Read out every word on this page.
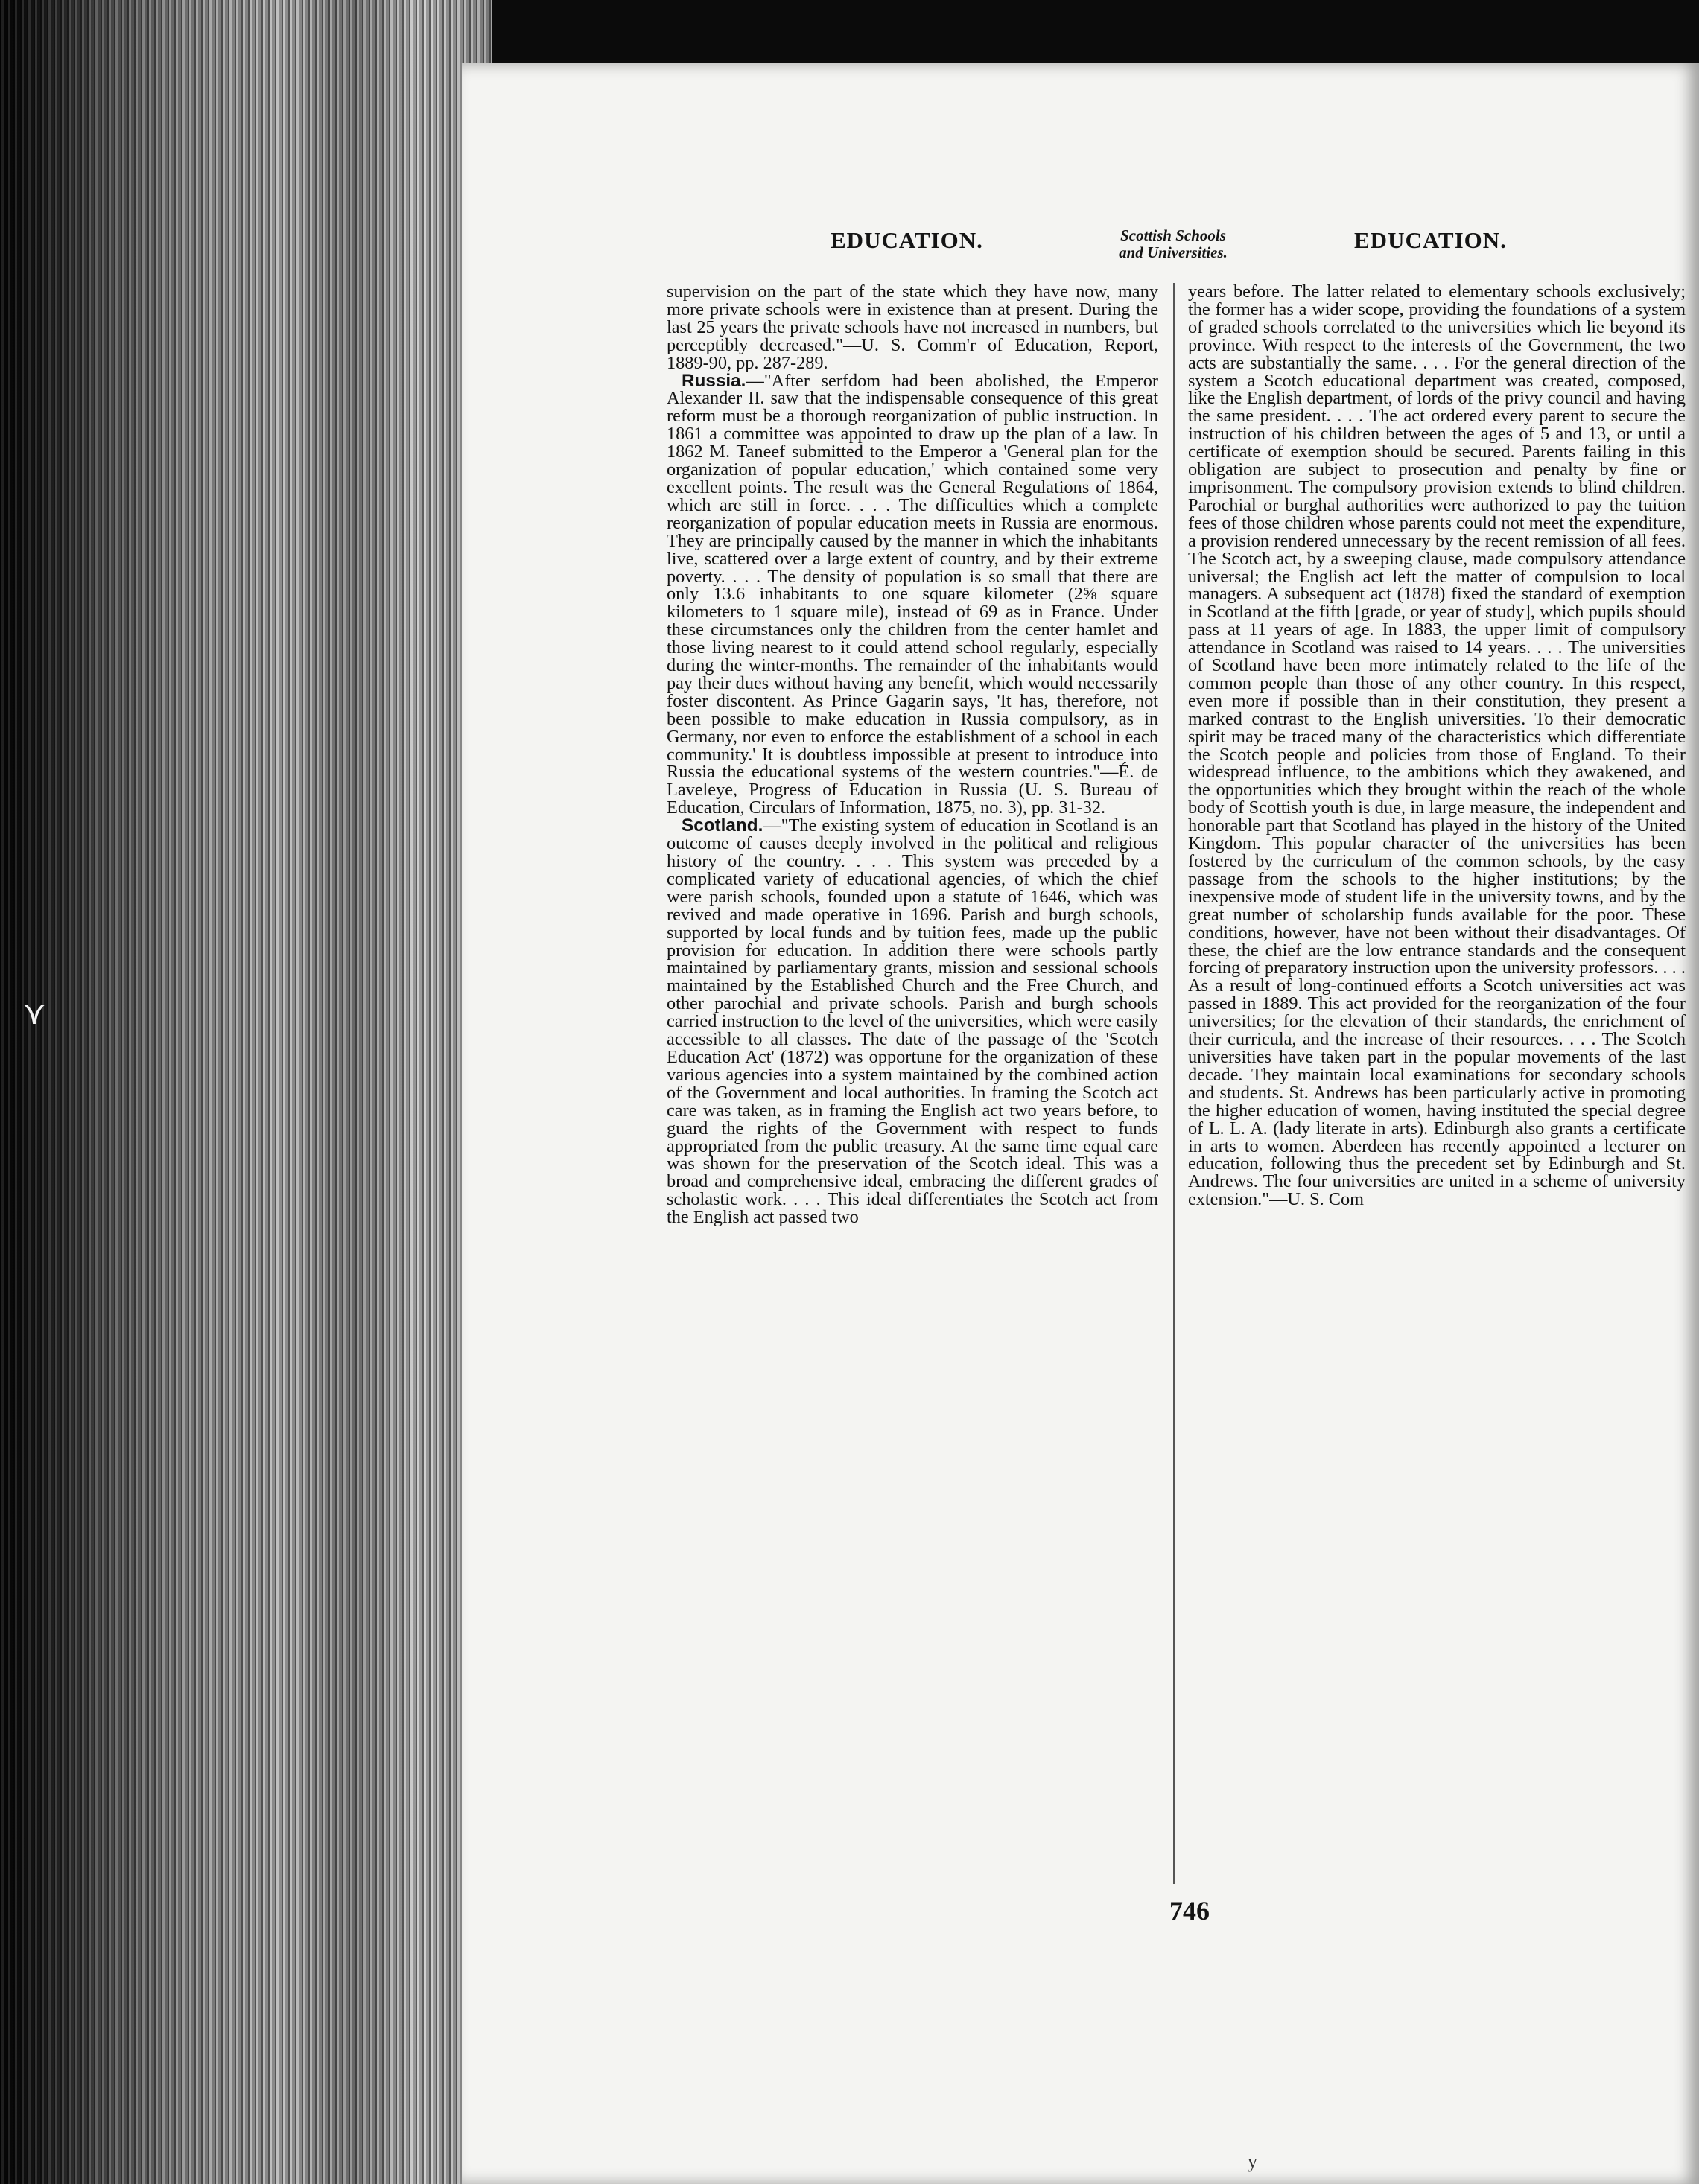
⋎
EDUCATION.	Scottish Schools
and Universities.	EDUCATION.

supervision on the part of the state which they have now, many more private schools were in existence than at present. During the last 25 years the private schools have not increased in numbers, but perceptibly decreased."—U. S. Comm'r of Education, Report, 1889-90, pp. 287-289.

Russia.—"After serfdom had been abolished, the Emperor Alexander II. saw that the indispensable consequence of this great reform must be a thorough reorganization of public instruction. In 1861 a committee was appointed to draw up the plan of a law. In 1862 M. Taneef submitted to the Emperor a 'General plan for the organization of popular education,' which contained some very excellent points. The result was the General Regulations of 1864, which are still in force. . . . The difficulties which a complete reorganization of popular education meets in Russia are enormous. They are principally caused by the manner in which the inhabitants live, scattered over a large extent of country, and by their extreme poverty. . . . The density of population is so small that there are only 13.6 inhabitants to one square kilometer (2⅝ square kilometers to 1 square mile), instead of 69 as in France. Under these circumstances only the children from the center hamlet and those living nearest to it could attend school regularly, especially during the winter-months. The remainder of the inhabitants would pay their dues without having any benefit, which would necessarily foster discontent. As Prince Gagarin says, 'It has, therefore, not been possible to make education in Russia compulsory, as in Germany, nor even to enforce the establishment of a school in each community.' It is doubtless impossible at present to introduce into Russia the educational systems of the western countries."—É. de Laveleye, Progress of Education in Russia (U. S. Bureau of Education, Circulars of Information, 1875, no. 3), pp. 31-32.

Scotland.—"The existing system of education in Scotland is an outcome of causes deeply involved in the political and religious history of the country. . . . This system was preceded by a complicated variety of educational agencies, of which the chief were parish schools, founded upon a statute of 1646, which was revived and made operative in 1696. Parish and burgh schools, supported by local funds and by tuition fees, made up the public provision for education. In addition there were schools partly maintained by parliamentary grants, mission and sessional schools maintained by the Established Church and the Free Church, and other parochial and private schools. Parish and burgh schools carried instruction to the level of the universities, which were easily accessible to all classes. The date of the passage of the 'Scotch Education Act' (1872) was opportune for the organization of these various agencies into a system maintained by the combined action of the Government and local authorities. In framing the Scotch act care was taken, as in framing the English act two years before, to guard the rights of the Government with respect to funds appropriated from the public treasury. At the same time equal care was shown for the preservation of the Scotch ideal. This was a broad and comprehensive ideal, embracing the different grades of scholastic work. . . . This ideal differentiates the Scotch act from the English act passed two

years before. The latter related to elementary schools exclusively; the former has a wider scope, providing the foundations of a system of graded schools correlated to the universities which lie beyond its province. With respect to the interests of the Government, the two acts are substantially the same. . . . For the general direction of the system a Scotch educational department was created, composed, like the English department, of lords of the privy council and having the same president. . . . The act ordered every parent to secure the instruction of his children between the ages of 5 and 13, or until a certificate of exemption should be secured. Parents failing in this obligation are subject to prosecution and penalty by fine or imprisonment. The compulsory provision extends to blind children. Parochial or burghal authorities were authorized to pay the tuition fees of those children whose parents could not meet the expenditure, a provision rendered unnecessary by the recent remission of all fees. The Scotch act, by a sweeping clause, made compulsory attendance universal; the English act left the matter of compulsion to local managers. A subsequent act (1878) fixed the standard of exemption in Scotland at the fifth [grade, or year of study], which pupils should pass at 11 years of age. In 1883, the upper limit of compulsory attendance in Scotland was raised to 14 years. . . . The universities of Scotland have been more intimately related to the life of the common people than those of any other country. In this respect, even more if possible than in their constitution, they present a marked contrast to the English universities. To their democratic spirit may be traced many of the characteristics which differentiate the Scotch people and policies from those of England. To their widespread influence, to the ambitions which they awakened, and the opportunities which they brought within the reach of the whole body of Scottish youth is due, in large measure, the independent and honorable part that Scotland has played in the history of the United Kingdom. This popular character of the universities has been fostered by the curriculum of the common schools, by the easy passage from the schools to the higher institutions; by the inexpensive mode of student life in the university towns, and by the great number of scholarship funds available for the poor. These conditions, however, have not been without their disadvantages. Of these, the chief are the low entrance standards and the consequent forcing of preparatory instruction upon the university professors. . . . As a result of long-continued efforts a Scotch universities act was passed in 1889. This act provided for the reorganization of the four universities; for the elevation of their standards, the enrichment of their curricula, and the increase of their resources. . . . The Scotch universities have taken part in the popular movements of the last decade. They maintain local examinations for secondary schools and students. St. Andrews has been particularly active in promoting the higher education of women, having instituted the special degree of L. L. A. (lady literate in arts). Edinburgh also grants a certificate in arts to women. Aberdeen has recently appointed a lecturer on education, following thus the precedent set by Edinburgh and St. Andrews. The four universities are united in a scheme of university extension."—U. S. Com

746
y
